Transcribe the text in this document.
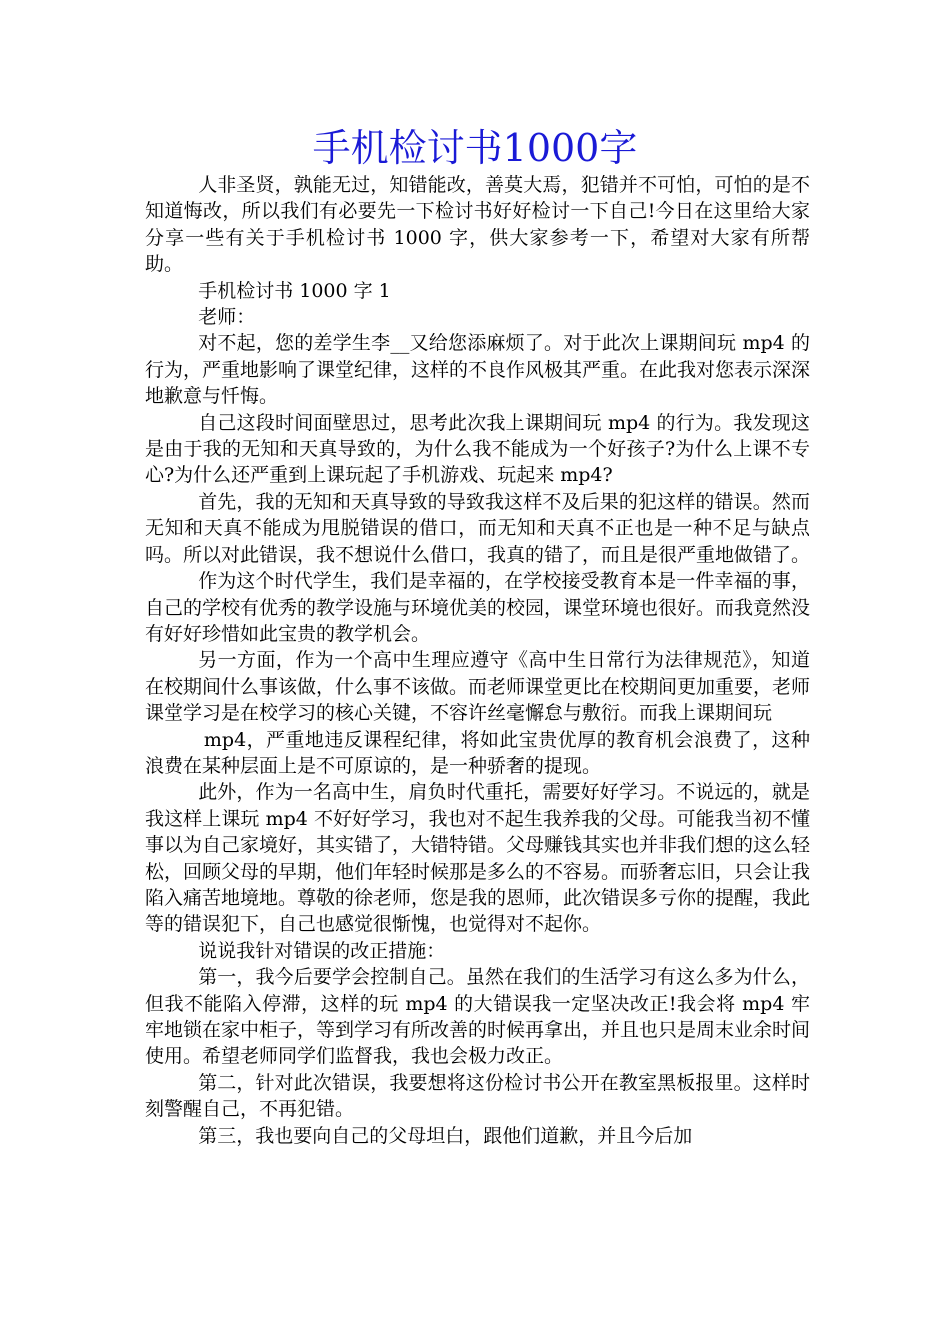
手机检讨书1000字

人非圣贤，孰能无过，知错能改，善莫大焉，犯错并不可怕，可怕的是不知道悔改，所以我们有必要先一下检讨书好好检讨一下自己!今日在这里给大家分享一些有关于手机检讨书 1000 字，供大家参考一下，希望对大家有所帮助。

手机检讨书 1000 字 1

老师：

对不起，您的差学生李__又给您添麻烦了。对于此次上课期间玩 mp4 的行为，严重地影响了课堂纪律，这样的不良作风极其严重。在此我对您表示深深地歉意与忏悔。

自己这段时间面壁思过，思考此次我上课期间玩 mp4 的行为。我发现这是由于我的无知和天真导致的，为什么我不能成为一个好孩子?为什么上课不专心?为什么还严重到上课玩起了手机游戏、玩起来 mp4?

首先，我的无知和天真导致的导致我这样不及后果的犯这样的错误。然而无知和天真不能成为甩脱错误的借口，而无知和天真不正也是一种不足与缺点吗。所以对此错误，我不想说什么借口，我真的错了，而且是很严重地做错了。

作为这个时代学生，我们是幸福的，在学校接受教育本是一件幸福的事，自己的学校有优秀的教学设施与环境优美的校园，课堂环境也很好。而我竟然没有好好珍惜如此宝贵的教学机会。

另一方面，作为一个高中生理应遵守《高中生日常行为法律规范》，知道在校期间什么事该做，什么事不该做。而老师课堂更比在校期间更加重要，老师课堂学习是在校学习的核心关键，不容许丝毫懈怠与敷衍。而我上课期间玩

mp4，严重地违反课程纪律，将如此宝贵优厚的教育机会浪费了，这种浪费在某种层面上是不可原谅的，是一种骄奢的提现。

此外，作为一名高中生，肩负时代重托，需要好好学习。不说远的，就是我这样上课玩 mp4 不好好学习，我也对不起生我养我的父母。可能我当初不懂事以为自己家境好，其实错了，大错特错。父母赚钱其实也并非我们想的这么轻松，回顾父母的早期，他们年轻时候那是多么的不容易。而骄奢忘旧，只会让我陷入痛苦地境地。尊敬的徐老师，您是我的恩师，此次错误多亏你的提醒，我此等的错误犯下，自己也感觉很惭愧，也觉得对不起你。

说说我针对错误的改正措施：

第一，我今后要学会控制自己。虽然在我们的生活学习有这么多为什么，但我不能陷入停滞，这样的玩 mp4 的大错误我一定坚决改正!我会将 mp4 牢牢地锁在家中柜子，等到学习有所改善的时候再拿出，并且也只是周末业余时间使用。希望老师同学们监督我，我也会极力改正。

第二，针对此次错误，我要想将这份检讨书公开在教室黑板报里。这样时刻警醒自己，不再犯错。

第三，我也要向自己的父母坦白，跟他们道歉，并且今后加
